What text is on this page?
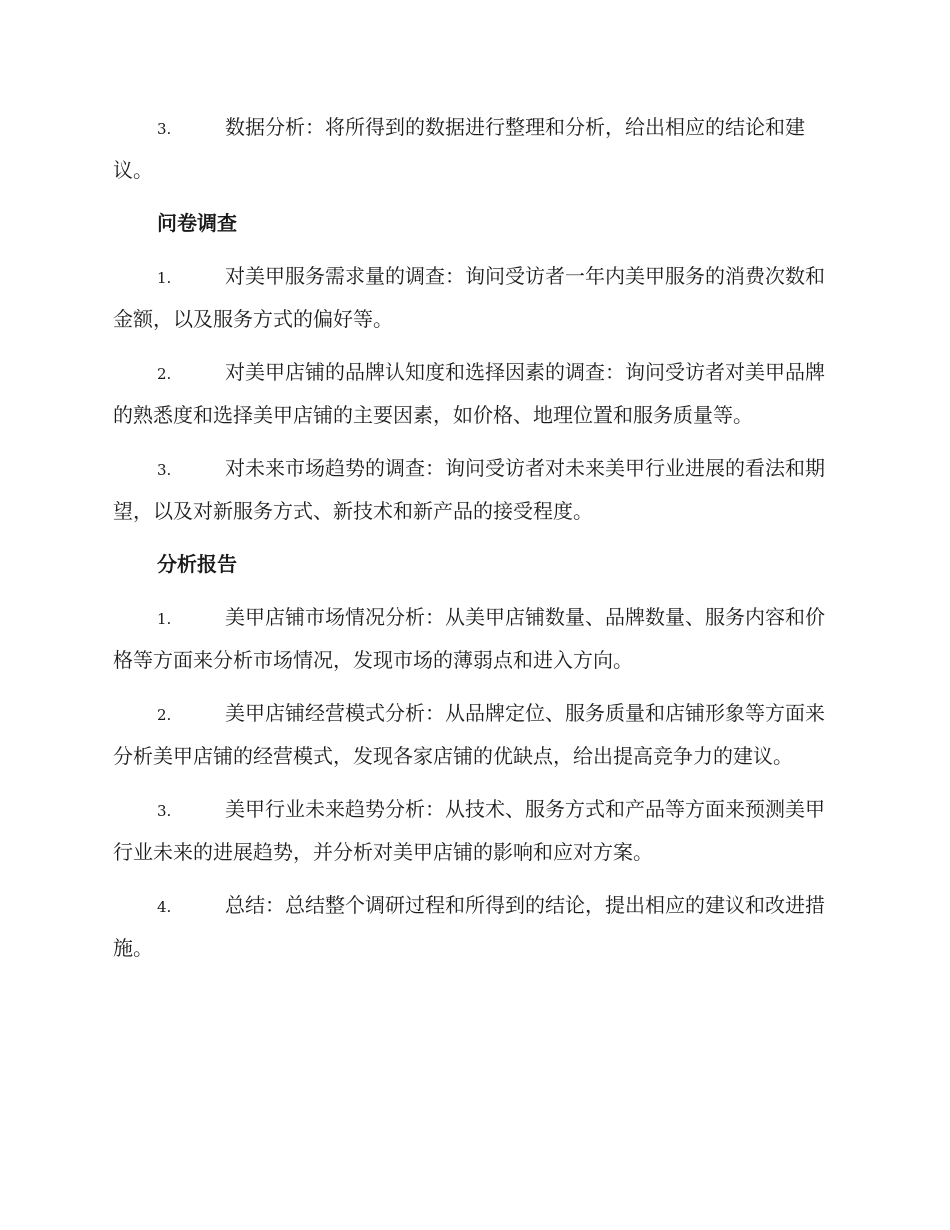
3.	数据分析：将所得到的数据进行整理和分析，给出相应的结论和建议。

问卷调查

1.	对美甲服务需求量的调查：询问受访者一年内美甲服务的消费次数和金额，以及服务方式的偏好等。

2.	对美甲店铺的品牌认知度和选择因素的调查：询问受访者对美甲品牌的熟悉度和选择美甲店铺的主要因素，如价格、地理位置和服务质量等。

3.	对未来市场趋势的调查：询问受访者对未来美甲行业进展的看法和期望，以及对新服务方式、新技术和新产品的接受程度。

分析报告

1.	美甲店铺市场情况分析：从美甲店铺数量、品牌数量、服务内容和价格等方面来分析市场情况，发现市场的薄弱点和进入方向。

2.	美甲店铺经营模式分析：从品牌定位、服务质量和店铺形象等方面来分析美甲店铺的经营模式，发现各家店铺的优缺点，给出提高竞争力的建议。

3.	美甲行业未来趋势分析：从技术、服务方式和产品等方面来预测美甲行业未来的进展趋势，并分析对美甲店铺的影响和应对方案。

4.	总结：总结整个调研过程和所得到的结论，提出相应的建议和改进措施。
